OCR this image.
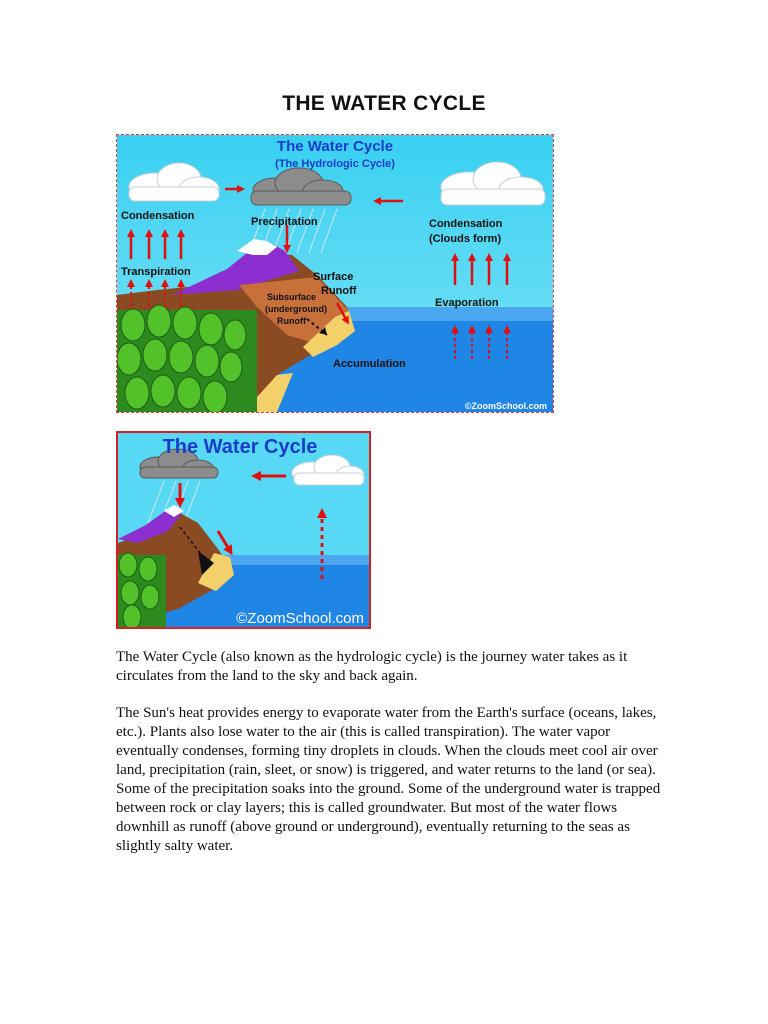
THE WATER CYCLE
The Water Cycle
(The Hydrologic Cycle)
Condensation	Precipitation	Condensation
(Clouds form)
Transpiration	Surface
Runoff
Subsurface
(underground)
Runoff
Evaporation
Accumulation
©ZoomSchool.com
The Water Cycle
©ZoomSchool.com

The Water Cycle (also known as the hydrologic cycle) is the journey water takes as it circulates from the land to the sky and back again.

The Sun's heat provides energy to evaporate water from the Earth's surface (oceans, lakes, etc.). Plants also lose water to the air (this is called transpiration). The water vapor eventually condenses, forming tiny droplets in clouds. When the clouds meet cool air over land, precipitation (rain, sleet, or snow) is triggered, and water returns to the land (or sea). Some of the precipitation soaks into the ground. Some of the underground water is trapped between rock or clay layers; this is called groundwater. But most of the water flows downhill as runoff (above ground or underground), eventually returning to the seas as slightly salty water.
